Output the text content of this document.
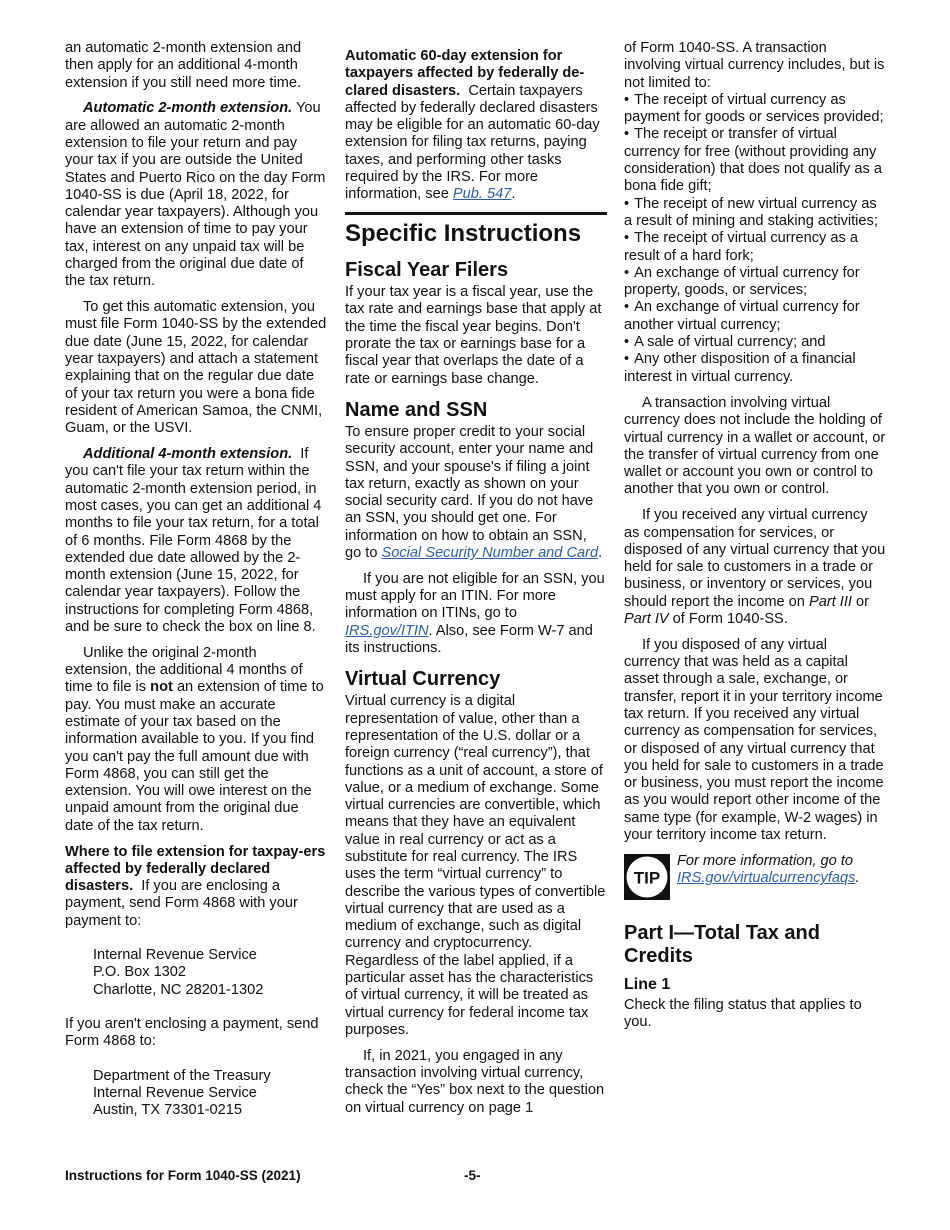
an automatic 2-month extension and then apply for an additional 4-month extension if you still need more time.

Automatic 2-month extension. You are allowed an automatic 2-month extension to file your return and pay your tax if you are outside the United States and Puerto Rico on the day Form 1040-SS is due (April 18, 2022, for calendar year taxpayers). Although you have an extension of time to pay your tax, interest on any unpaid tax will be charged from the original due date of the tax return.

To get this automatic extension, you must file Form 1040-SS by the extended due date (June 15, 2022, for calendar year taxpayers) and attach a statement explaining that on the regular due date of your tax return you were a bona fide resident of American Samoa, the CNMI, Guam, or the USVI.

Additional 4-month extension. If you can't file your tax return within the automatic 2-month extension period, in most cases, you can get an additional 4 months to file your tax return, for a total of 6 months. File Form 4868 by the extended due date allowed by the 2-month extension (June 15, 2022, for calendar year taxpayers). Follow the instructions for completing Form 4868, and be sure to check the box on line 8.

Unlike the original 2-month extension, the additional 4 months of time to file is not an extension of time to pay. You must make an accurate estimate of your tax based on the information available to you. If you find you can't pay the full amount due with Form 4868, you can still get the extension. You will owe interest on the unpaid amount from the original due date of the tax return.

Where to file extension for taxpay-ers affected by federally declared disasters. If you are enclosing a payment, send Form 4868 with your payment to:

Internal Revenue Service
P.O. Box 1302
Charlotte, NC 28201-1302

If you aren't enclosing a payment, send Form 4868 to:

Department of the Treasury
Internal Revenue Service
Austin, TX 73301-0215

Automatic 60-day extension for taxpayers affected by federally de-clared disasters. Certain taxpayers affected by federally declared disasters may be eligible for an automatic 60-day extension for filing tax returns, paying taxes, and performing other tasks required by the IRS. For more information, see Pub. 547.

Specific Instructions
Fiscal Year Filers

If your tax year is a fiscal year, use the tax rate and earnings base that apply at the time the fiscal year begins. Don't prorate the tax or earnings base for a fiscal year that overlaps the date of a rate or earnings base change.

Name and SSN

To ensure proper credit to your social security account, enter your name and SSN, and your spouse's if filing a joint tax return, exactly as shown on your social security card. If you do not have an SSN, you should get one. For information on how to obtain an SSN, go to Social Security Number and Card.

If you are not eligible for an SSN, you must apply for an ITIN. For more information on ITINs, go to IRS.gov/ITIN. Also, see Form W-7 and its instructions.

Virtual Currency

Virtual currency is a digital representation of value, other than a representation of the U.S. dollar or a foreign currency (“real currency”), that functions as a unit of account, a store of value, or a medium of exchange. Some virtual currencies are convertible, which means that they have an equivalent value in real currency or act as a substitute for real currency. The IRS uses the term “virtual currency” to describe the various types of convertible virtual currency that are used as a medium of exchange, such as digital currency and cryptocurrency. Regardless of the label applied, if a particular asset has the characteristics of virtual currency, it will be treated as virtual currency for federal income tax purposes.

If, in 2021, you engaged in any transaction involving virtual currency, check the “Yes” box next to the question on virtual currency on page 1

of Form 1040-SS. A transaction involving virtual currency includes, but is not limited to:
• The receipt of virtual currency as payment for goods or services provided;
• The receipt or transfer of virtual currency for free (without providing any consideration) that does not qualify as a bona fide gift;
• The receipt of new virtual currency as a result of mining and staking activities;
• The receipt of virtual currency as a result of a hard fork;
• An exchange of virtual currency for property, goods, or services;
• An exchange of virtual currency for another virtual currency;
• A sale of virtual currency; and
• Any other disposition of a financial interest in virtual currency.

A transaction involving virtual currency does not include the holding of virtual currency in a wallet or account, or the transfer of virtual currency from one wallet or account you own or control to another that you own or control.

If you received any virtual currency as compensation for services, or disposed of any virtual currency that you held for sale to customers in a trade or business, or inventory or services, you should report the income on Part III or Part IV of Form 1040-SS.

If you disposed of any virtual currency that was held as a capital asset through a sale, exchange, or transfer, report it in your territory income tax return. If you received any virtual currency as compensation for services, or disposed of any virtual currency that you held for sale to customers in a trade or business, you must report the income as you would report other income of the same type (for example, W-2 wages) in your territory income tax return.

TIP
For more information, go to IRS.gov/virtualcurrencyfaqs.
Part I—Total Tax and Credits
Line 1

Check the filing status that applies to you.

Instructions for Form 1040-SS (2021)	-5-
